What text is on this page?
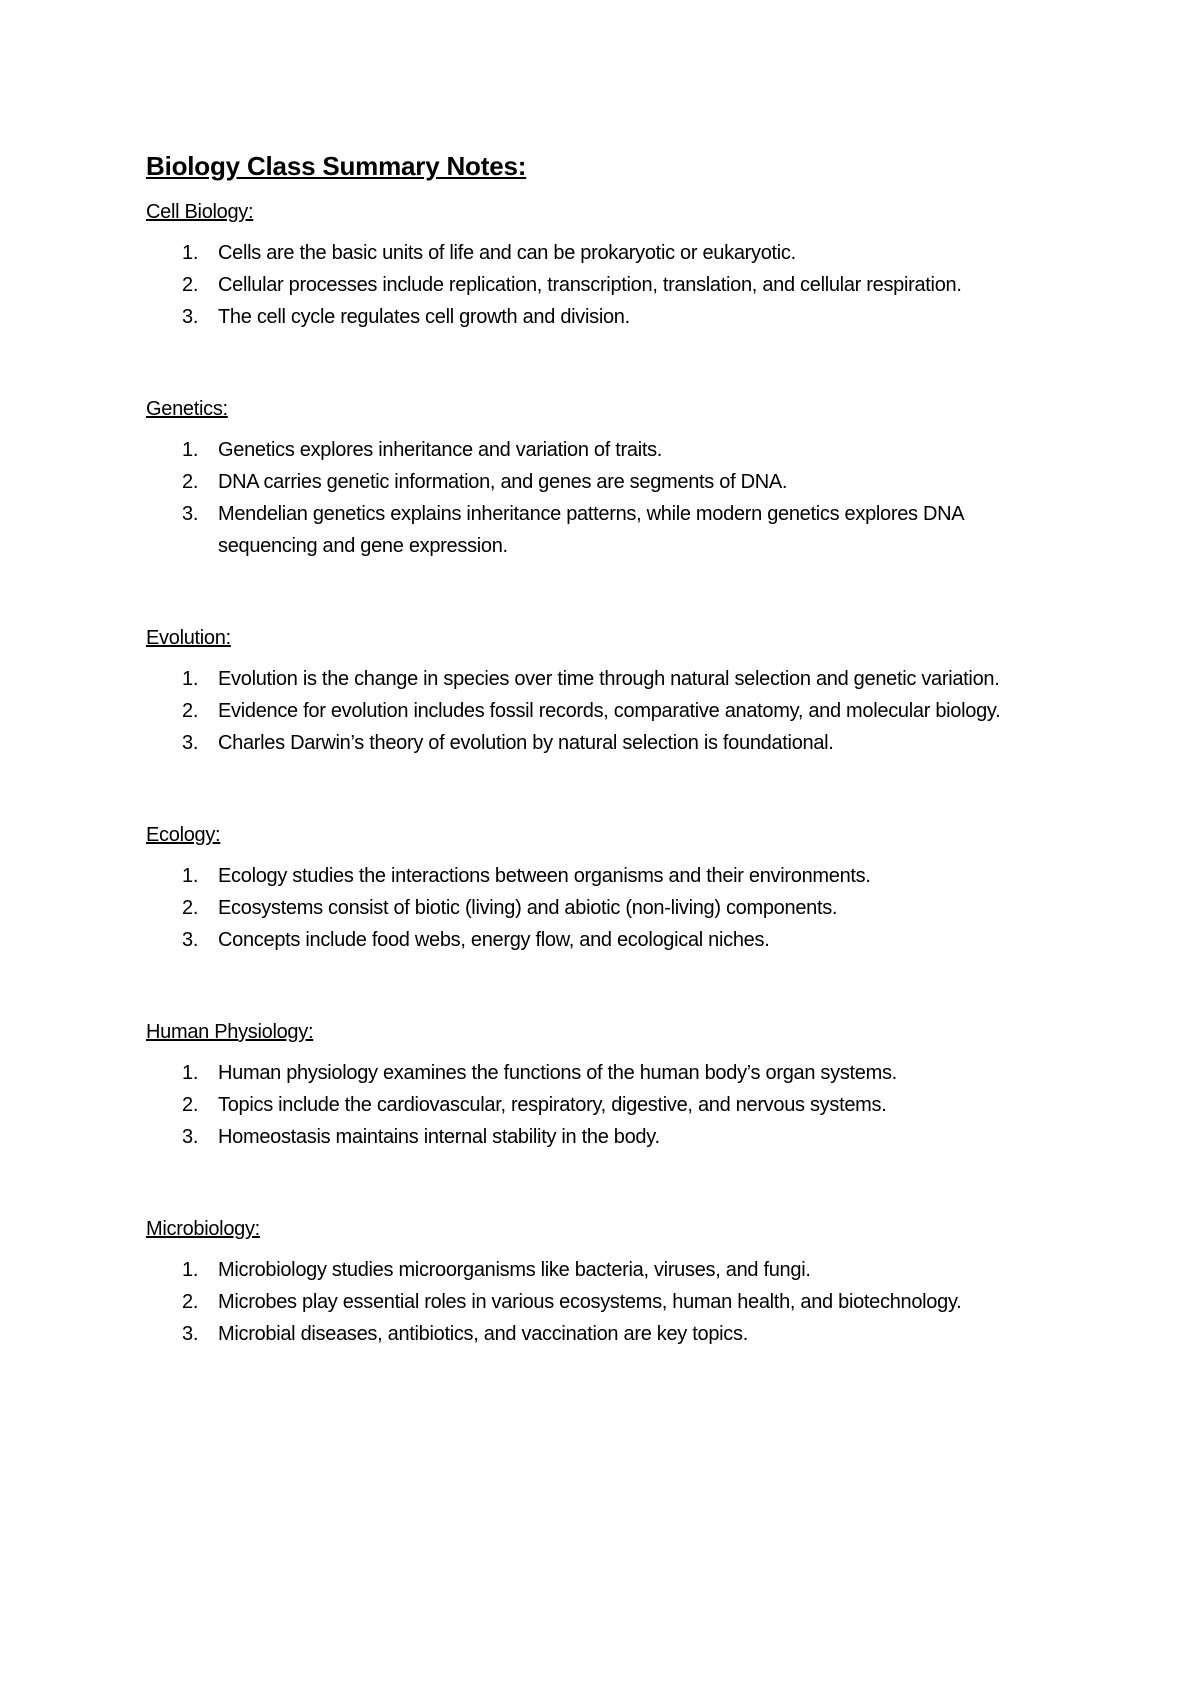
Biology Class Summary Notes:
Cell Biology:
1. Cells are the basic units of life and can be prokaryotic or eukaryotic.
2. Cellular processes include replication, transcription, translation, and cellular respiration.
3. The cell cycle regulates cell growth and division.
Genetics:
1. Genetics explores inheritance and variation of traits.
2. DNA carries genetic information, and genes are segments of DNA.
3. Mendelian genetics explains inheritance patterns, while modern genetics explores DNA sequencing and gene expression.
Evolution:
1. Evolution is the change in species over time through natural selection and genetic variation.
2. Evidence for evolution includes fossil records, comparative anatomy, and molecular biology.
3. Charles Darwin’s theory of evolution by natural selection is foundational.
Ecology:
1. Ecology studies the interactions between organisms and their environments.
2. Ecosystems consist of biotic (living) and abiotic (non-living) components.
3. Concepts include food webs, energy flow, and ecological niches.
Human Physiology:
1. Human physiology examines the functions of the human body’s organ systems.
2. Topics include the cardiovascular, respiratory, digestive, and nervous systems.
3. Homeostasis maintains internal stability in the body.
Microbiology:
1. Microbiology studies microorganisms like bacteria, viruses, and fungi.
2. Microbes play essential roles in various ecosystems, human health, and biotechnology.
3. Microbial diseases, antibiotics, and vaccination are key topics.
